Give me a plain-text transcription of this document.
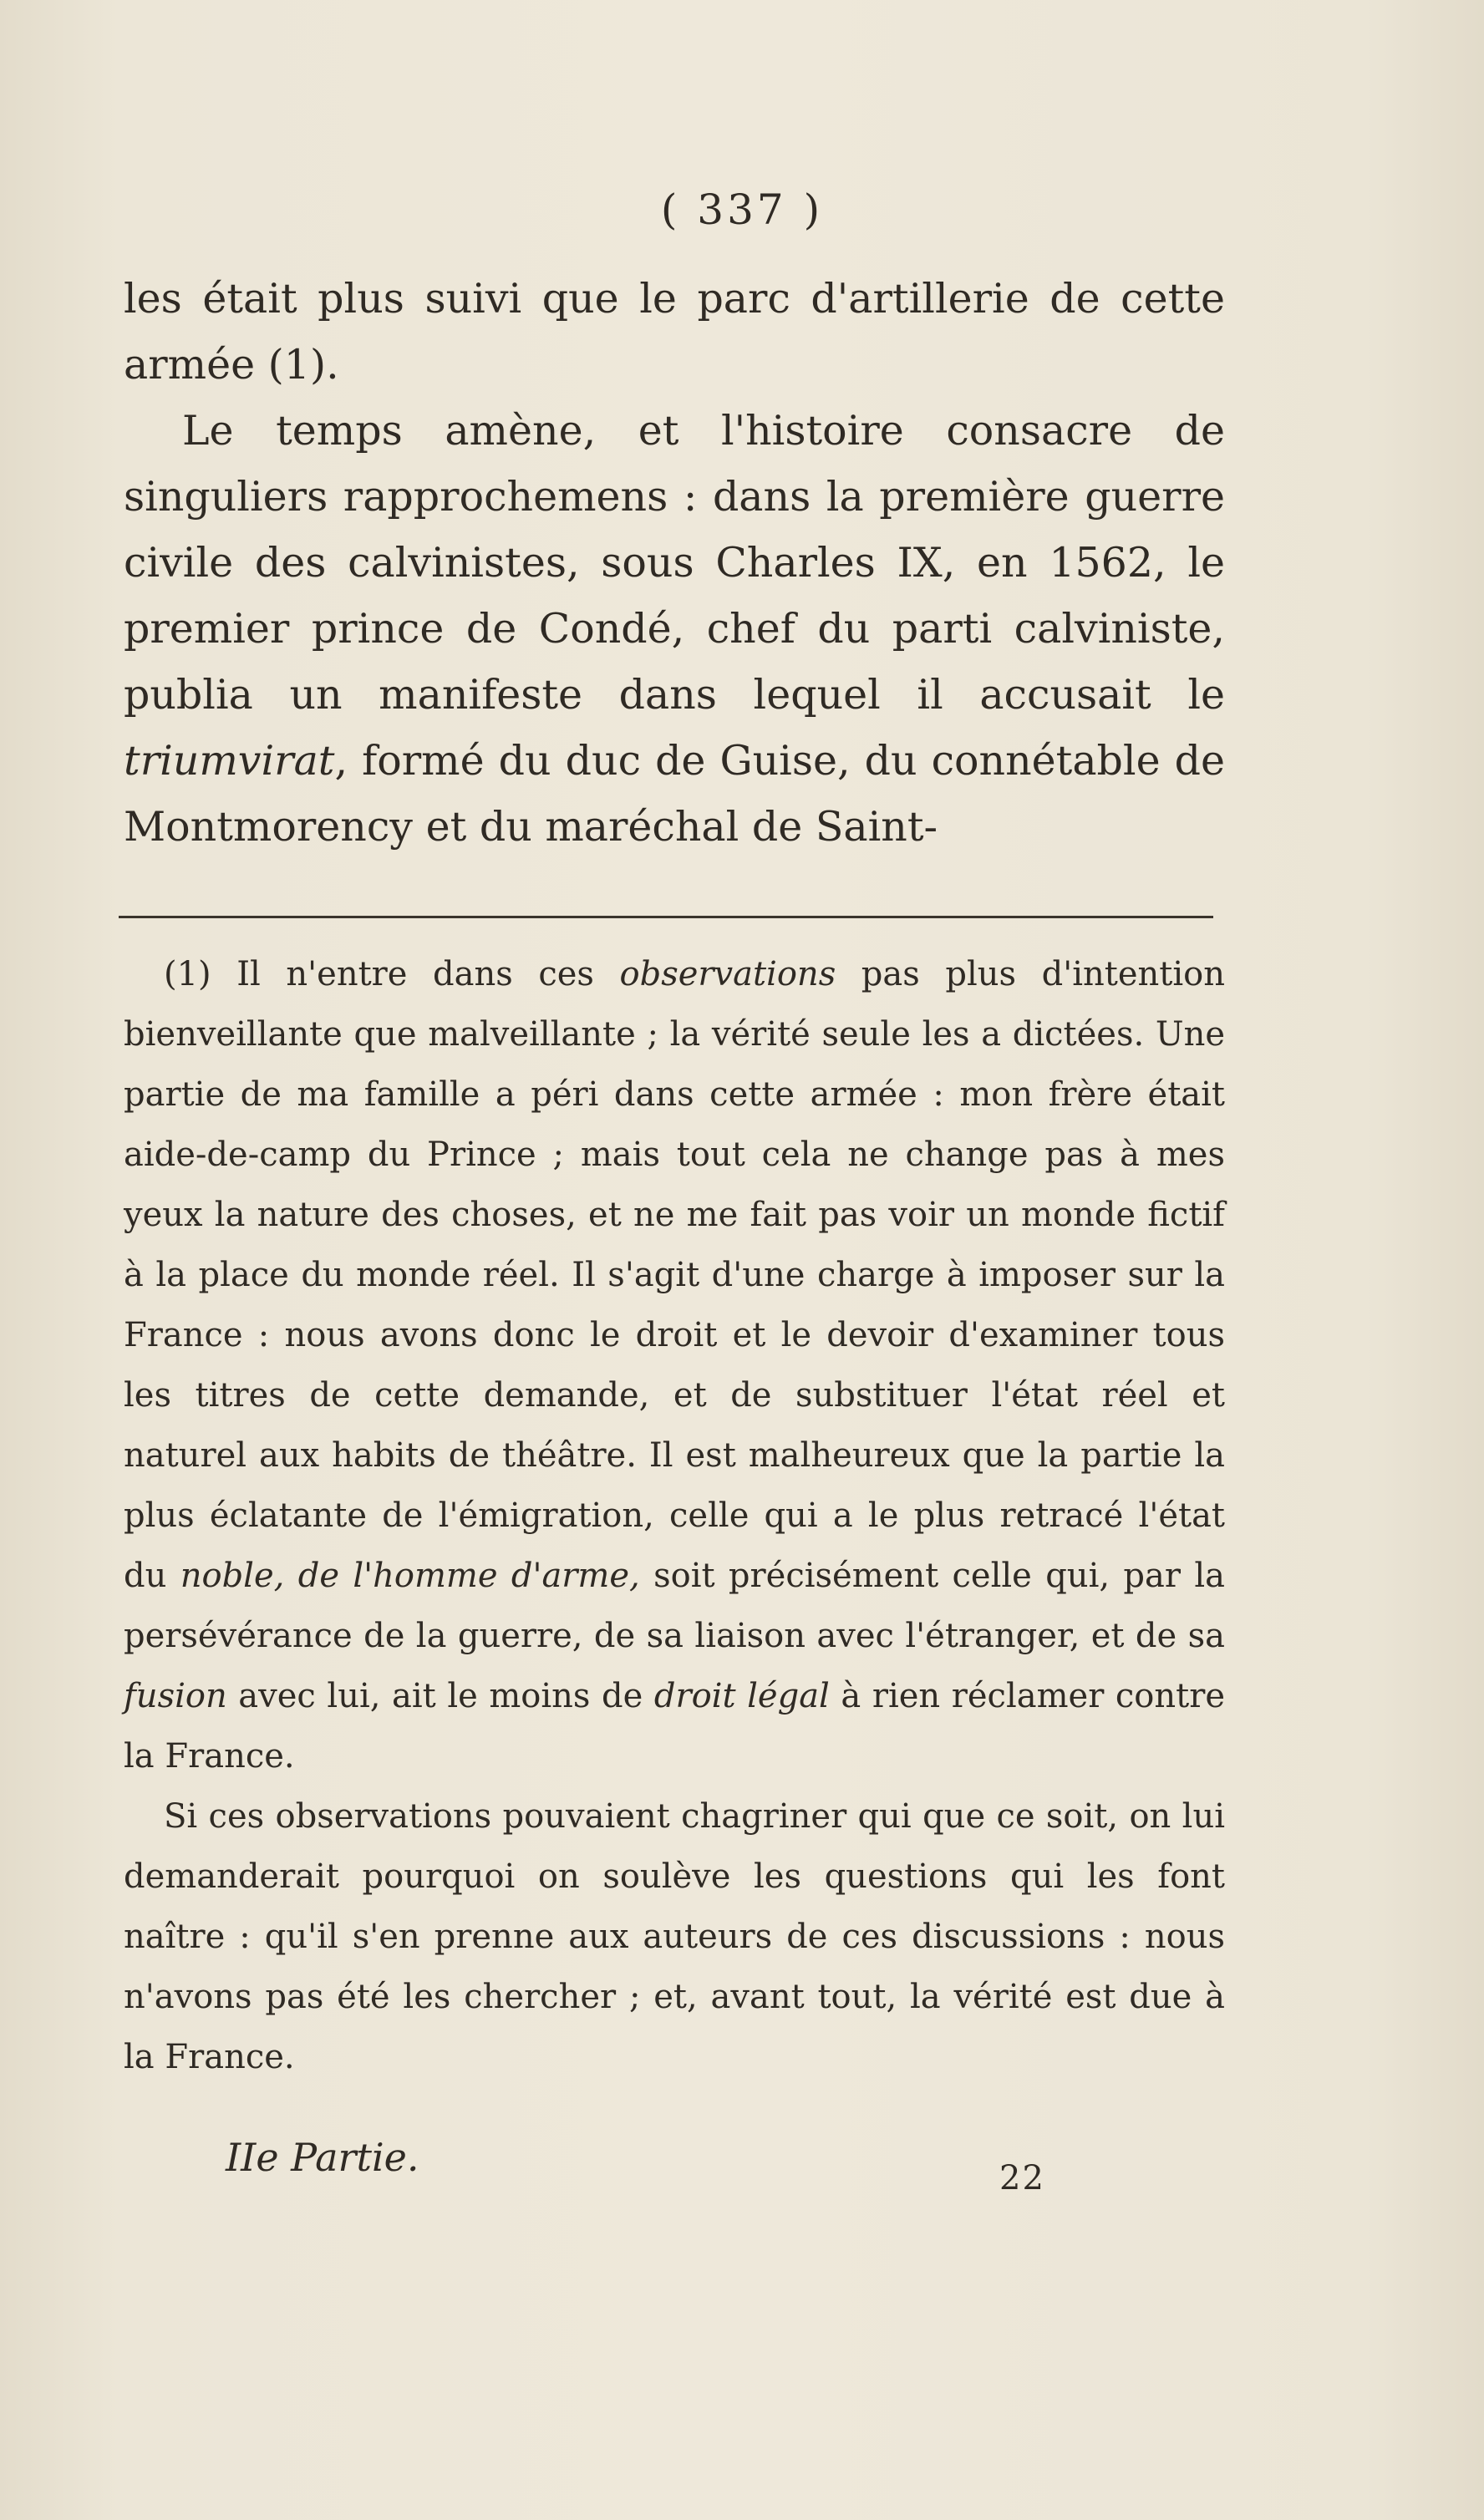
( 337 )

les était plus suivi que le parc d'artillerie de cette armée (1).

Le temps amène, et l'histoire consacre de singuliers rapprochemens : dans la première guerre civile des calvinistes, sous Charles IX, en 1562, le premier prince de Condé, chef du parti calviniste, publia un manifeste dans lequel il accusait le triumvirat, formé du duc de Guise, du connétable de Montmorency et du maréchal de Saint-

(1) Il n'entre dans ces observations pas plus d'intention bienveillante que malveillante ; la vérité seule les a dictées. Une partie de ma famille a péri dans cette armée : mon frère était aide-de-camp du Prince ; mais tout cela ne change pas à mes yeux la nature des choses, et ne me fait pas voir un monde fictif à la place du monde réel. Il s'agit d'une charge à imposer sur la France : nous avons donc le droit et le devoir d'examiner tous les titres de cette demande, et de substituer l'état réel et naturel aux habits de théâtre. Il est malheureux que la partie la plus éclatante de l'émigration, celle qui a le plus retracé l'état du noble, de l'homme d'arme, soit précisément celle qui, par la persévérance de la guerre, de sa liaison avec l'étranger, et de sa fusion avec lui, ait le moins de droit légal à rien réclamer contre la France.

Si ces observations pouvaient chagriner qui que ce soit, on lui demanderait pourquoi on soulève les questions qui les font naître : qu'il s'en prenne aux auteurs de ces discussions : nous n'avons pas été les chercher ; et, avant tout, la vérité est due à la France.

IIe Partie.	22
